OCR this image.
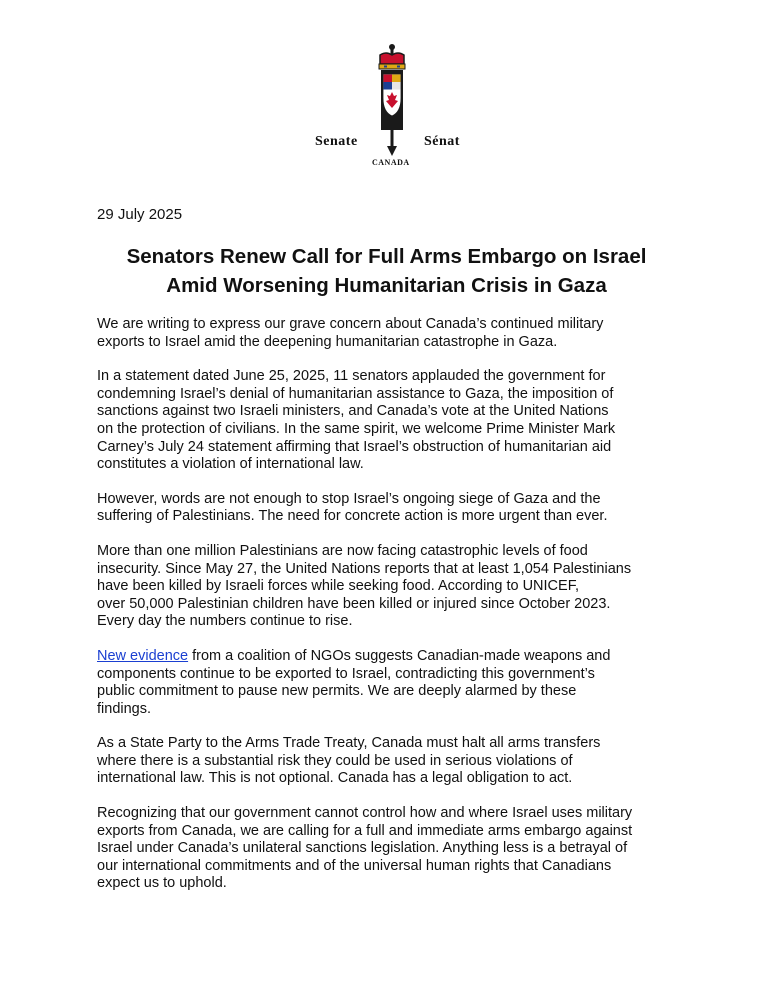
Senate	Sénat
CANADA
29 July 2025
Senators Renew Call for Full Arms Embargo on Israel
Amid Worsening Humanitarian Crisis in Gaza

We are writing to express our grave concern about Canada’s continued military
exports to Israel amid the deepening humanitarian catastrophe in Gaza.

In a statement dated June 25, 2025, 11 senators applauded the government for
condemning Israel’s denial of humanitarian assistance to Gaza, the imposition of
sanctions against two Israeli ministers, and Canada’s vote at the United Nations
on the protection of civilians. In the same spirit, we welcome Prime Minister Mark
Carney’s July 24 statement affirming that Israel’s obstruction of humanitarian aid
constitutes a violation of international law.

However, words are not enough to stop Israel’s ongoing siege of Gaza and the
suffering of Palestinians. The need for concrete action is more urgent than ever.

More than one million Palestinians are now facing catastrophic levels of food
insecurity. Since May 27, the United Nations reports that at least 1,054 Palestinians
have been killed by Israeli forces while seeking food. According to UNICEF,
over 50,000 Palestinian children have been killed or injured since October 2023.
Every day the numbers continue to rise.

New evidence from a coalition of NGOs suggests Canadian-made weapons and
components continue to be exported to Israel, contradicting this government’s
public commitment to pause new permits. We are deeply alarmed by these
findings.

As a State Party to the Arms Trade Treaty, Canada must halt all arms transfers
where there is a substantial risk they could be used in serious violations of
international law. This is not optional. Canada has a legal obligation to act.

Recognizing that our government cannot control how and where Israel uses military
exports from Canada, we are calling for a full and immediate arms embargo against
Israel under Canada’s unilateral sanctions legislation. Anything less is a betrayal of
our international commitments and of the universal human rights that Canadians
expect us to uphold.
